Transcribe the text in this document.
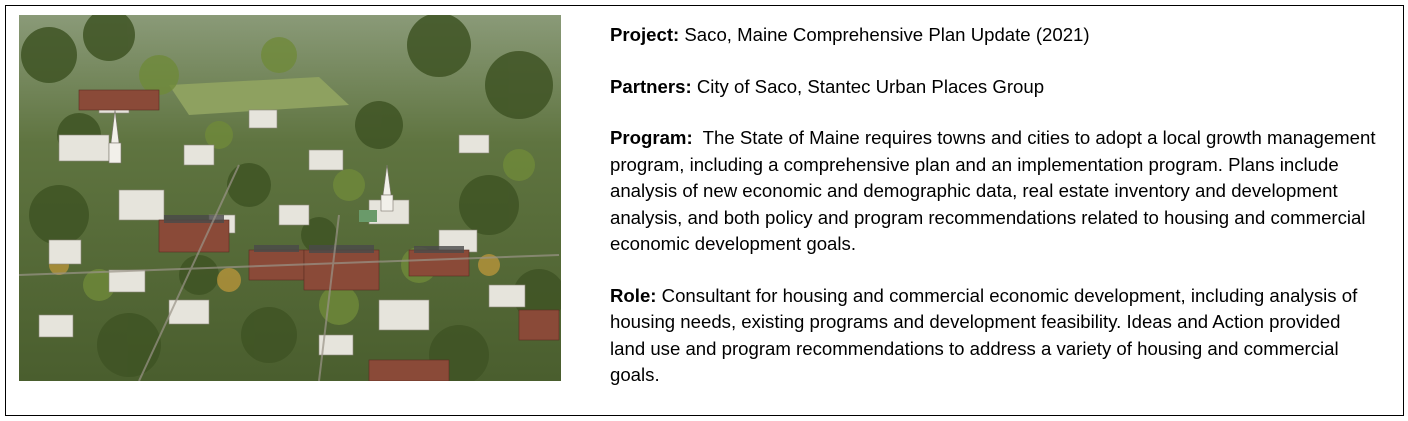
Project: Saco, Maine Comprehensive Plan Update (2021)

Partners: City of Saco, Stantec Urban Places Group

Program: The State of Maine requires towns and cities to adopt a local growth management program, including a comprehensive plan and an implementation program. Plans include analysis of new economic and demographic data, real estate inventory and development analysis, and both policy and program recommendations related to housing and commercial economic development goals.

Role: Consultant for housing and commercial economic development, including analysis of housing needs, existing programs and development feasibility. Ideas and Action provided land use and program recommendations to address a variety of housing and commercial goals.
